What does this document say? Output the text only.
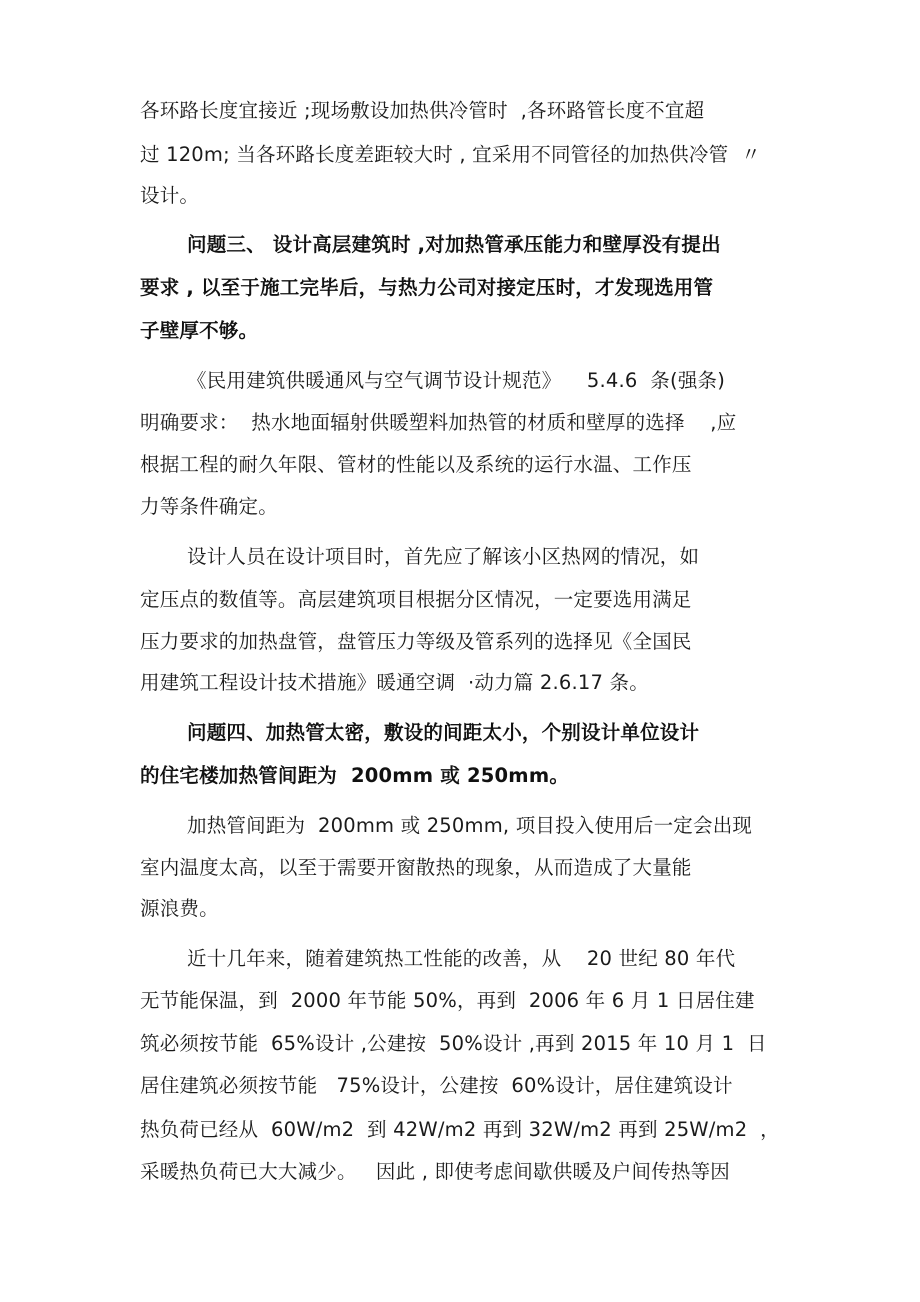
各环路长度宜接近 ;现场敷设加热供冷管时  ,各环路管长度不宜超
过 120m; 当各环路长度差距较大时 , 宜采用不同管径的加热供冷管  〃
设计。
问题三、 设计高层建筑时 ,对加热管承压能力和壁厚没有提出
要求 , 以至于施工完毕后，与热力公司对接定压时，才发现选用管
子壁厚不够。
《民用建筑供暖通风与空气调节设计规范》    5.4.6  条(强条)
明确要求：  热水地面辐射供暖塑料加热管的材质和壁厚的选择    ,应
根据工程的耐久年限、管材的性能以及系统的运行水温、工作压
力等条件确定。
设计人员在设计项目时，首先应了解该小区热网的情况，如
定压点的数值等。高层建筑项目根据分区情况，一定要选用满足
压力要求的加热盘管，盘管压力等级及管系列的选择见《全国民
用建筑工程设计技术措施》暖通空调  ·动力篇 2.6.17 条。
问题四、加热管太密，敷设的间距太小，个别设计单位设计
的住宅楼加热管间距为  200mm 或 250mm。
加热管间距为  200mm 或 250mm, 项目投入使用后一定会出现
室内温度太高，以至于需要开窗散热的现象，从而造成了大量能
源浪费。
近十几年来，随着建筑热工性能的改善，从    20 世纪 80 年代
无节能保温，到  2000 年节能 50%，再到  2006 年 6 月 1 日居住建
筑必须按节能  65%设计 ,公建按  50%设计 ,再到 2015 年 10 月 1  日
居住建筑必须按节能   75%设计，公建按  60%设计，居住建筑设计
热负荷已经从  60W/m2  到 42W/m2 再到 32W/m2 再到 25W/m2  ，
采暖热负荷已大大减少。   因此 , 即使考虑间歇供暖及户间传热等因
